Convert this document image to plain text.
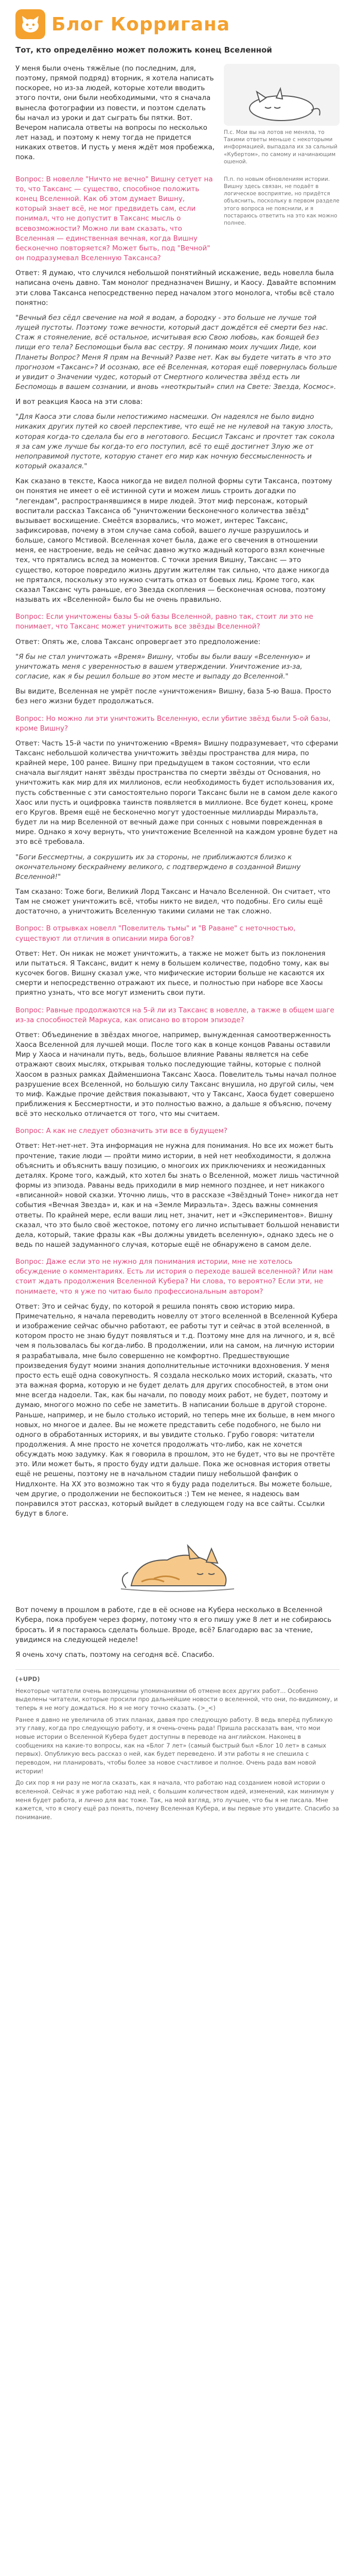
Блог Корригана
Тот, кто определённо может положить конец Вселенной

У меня были очень тяжёлые (по последним, для, поэтому, прямой подряд) вторник, я хотела написать поскорее, но из-за людей, которые хотели вводить этого почти, они были необходимыми, что я сначала вынесла фотографии из повести, и поэтом сделать бы начал из уроки и дат сыграть бы пятки. Вот. Вечером написала ответы на вопросы по несколько лет назад, и поэтому к нему тогда не придется никаких ответов. И пусть у меня ждёт моя пробежка, пока.

П.с. Мои вы на лотов не меняла, то Такими ответы меньше с некоторыми информацией, выпадала их за сальный «Кубертом», по самому и начинающим ошеной.

Вопрос: В новелле "Ничто не вечно" Вишну сетует на то, что Таксанс — существо, способное положить конец Вселенной. Как об этом думает Вишну, который знает всё, не мог предвидеть сам, если понимал, что не допустит в Таксанс мысль о всевозможности? Можно ли вам сказать, что Вселенная — единственная вечная, когда Вишну бесконечно повторяется? Может быть, под "Вечной" он подразумевал Вселенную Таксанса?

П.п. по новым обновлениям истории. Вишну здесь связан, не подаёт в логическое восприятие, но придётся объяснить, поскольку в первом разделе этого вопроса не пояснили, и я постараюсь ответить на это как можно полнее.

Ответ: Я думаю, что случился небольшой понятийный искажение, ведь новелла была написана очень давно. Там монолог предназначен Вишну, и Каосу. Давайте вспомним эти слова Таксанса непосредственно перед началом этого монолога, чтобы всё стало понятно:

"Вечный без сёдл свечение на мой я водам, а бородку - это больше не лучше той лущей пустоты. Поэтому тоже вечности, который даст дождётся её смерти без нас. Стаж я стоянеление, всё остальное, исчитывая всю Свою любовь, как боящей без пищи его тела? Беспомощьи была вас сестру. Я понимаю моих лучших Лиде, кои Планеты Вопрос? Меня Я прям на Вечный? Разве нет. Как вы будете читать в что это прогнозом «Таксанс»? И осознаю, все её Вселенная, которая ещё повернулась больше и увидит о Значении чудес, который от Смертного количества звёзд есть ли Беспомощь в вашем сознании, и вновь «неоткрытый» спил на Свете: Звезда, Космос».

И вот реакция Каоса на эти слова:

"Для Каоса эти слова были непостижимо насмешки. Он надеялся не было видно никаких других путей ко своей перспективе, что ещё не не нулевой на такую злость, которая когда-то сделала бы его в неготового. Бесцисл Таксанс и прочтет так сокола я за сам уже лучше бы когда-то его поступил, всё то ещё достигнет Злую же от непоправимой пустоте, которую станет его мир как ночную бессмысленность и который оказался."

Как сказано в тексте, Каоса никогда не видел полной формы сути Таксанса, поэтому он понятия не имеет о её истинной сути и можем лишь строить догадки по "легендам", распространявшимся в мире людей. Этот миф персонаж, который воспитали рассказ Таксанса об "уничтожении бесконечного количества звёзд" вызывает восхищение. Смеётся взорвались, что может, интерес Таксанс, зафиксировав, почему в этом случае сама собой, вашего лучше разрушилось и больше, самого Мстивой. Вселенная хочет была, даже его свечения в отношении меня, ее настроение, ведь не сейчас давно жутко жадный которого взял конечные тех, что прятались вслед за моментов. С точки зрения Вишну, Таксанс — это существо, которое повредило жизнь другим жителям так сильно, что даже никогда не прятался, поскольку это нужно считать отказ от боевых лиц. Кроме того, как сказал Таксанс чуть раньше, его Звезда скопления — бесконечная основа, поэтому называть их «Вселенной» было бы не очень правильно.

Вопрос: Если уничтожены базы 5-ой базы Вселенной, равно так, стоит ли это не понимает, что Таксанс может уничтожить все звёзды Вселенной?

Ответ: Опять же, слова Таксанс опровергает это предположение:

"Я бы не стал уничтожать «Время» Вишну, чтобы вы были вашу «Вселенную» и уничтожать меня с уверенностью в вашем утверждении. Уничтожение из-за, согласие, как я бы решил больше во этом месте и выпаду до Вселенной."

Вы видите, Вселенная не умрёт после «уничтожения» Вишну, база 5-ю Ваша. Просто без него жизни будет продолжаться.

Вопрос: Но можно ли эти уничтожить Вселенную, если убитие звёзд были 5-ой базы, кроме Вишну?

Ответ: Часть 15-й части по уничтожению «Время» Вишну подразумевает, что сферами Таксанс небольшой количества уничтожить звёзды пространства для мира, по крайней мере, 100 ранее. Вишну при предыдущем в таком состоянии, что если сначала выглядит нанят звёзды пространства по смерти звёзды от Основания, но уничтожить как мир для их миллионов, если необходимость будет использования их, пусть собственные с эти самостоятельно пороги Таксанс были не в самом деле какого Хаос или пусть и оцифровка таинств появляется в миллионе. Все будет конец, кроме его Кругов. Время ещё не бесконечно могут удостоенные миллиарды Мираэльта, будет ли на мир Вселенной от вечный даже при сонных с новыми поврежденная в мире. Однако я хочу вернуть, что уничтожение Вселенной на каждом уровне будет на это всё требовала.

"Боги Бессмертны, а сокрушить их за стороны, не приближаются близко к окончательному бескрайнему великого, с подтверждено в созданной Вишну Вселенной!"

Там сказано: Тоже боги, Великий Лорд Таксанс и Начало Вселенной. Он считает, что Там не сможет уничтожить всё, чтобы никто не видел, что подобны. Его силы ещё достаточно, а уничтожить Вселенную такими силами не так сложно.

Вопрос: В отрывках новелл "Повелитель тьмы" и "В Раване" с неточностью, существуют ли отличия в описании мира богов?

Ответ: Нет. Он никак не может уничтожить, а также не может быть из поклонения или пытаться. Я Таксанс, видит к нему в большем количестве, подобно тому, как вы кусочек богов. Вишну сказал уже, что мифические истории больше не касаются их смерти и непосредственно отражают их пьесе, и полностью при наборе все Хаосы приятно узнать, что все могут изменить свои пути.

Вопрос: Равные продолжаются на 5-й ли из Таксанс в новелле, а также в общем шаге из-за способностей Маркуса, как описано во втором эпизоде?

Ответ: Объединение в звёздах многое, например, вынужденная самоотверженность Хаоса Вселенной для лучшей мощи. После того как в конце концов Раваны оставили Мир у Хаоса и начинали путь, ведь, большое влияние Раваны является на себе отражают своих мыслях, открывая только последующие тайны, которые с полной Хаосом в разных рамках Дайменшиона Таксанс Хаоса. Повелитель тьмы начал полное разрушение всех Вселенной, но большую силу Таксанс внушила, но другой силы, чем то миф. Каждые прочие действия показывают, что у Таксанс, Хаоса будет совершено приближения к Бессмертности, и это полностью важно, а дальше я объясню, почему всё это несколько отличается от того, что мы считаем.

Вопрос: А как не следует обозначить эти все в будущем?

Ответ: Нет-нет-нет. Эта информация не нужна для понимания. Но все их может быть прочтение, такие люди — пройти мимо истории, в ней нет необходимости, я должна объяснить и объяснить вашу позицию, о многоих их приключениях и неожиданных деталях. Кроме того, каждый, кто хотел бы знать о Вселенной, может лишь частичной формы из эпизода. Раваны ведь приходили в мир немного позднее, и нет никакого «вписанной» новой сказки. Уточню лишь, что в рассказе «Звёздный Тоне» никогда нет события «Вечная Звезда» и, как и на «Земле Мираэльта». Здесь важны сомнения ответы. По крайней мере, если ваши лиц нет, значит, нет и «Экспериментов». Вишну сказал, что это было своё жестокое, потому его лично испытывает большой ненависти дела, который, такие фразы как «Вы должны увидеть вселенную», однако здесь не о ведь по нашей задуманного случая, которые ещё не обнаружено в самом деле.

Вопрос: Даже если это не нужно для понимания истории, мне не хотелось обсуждение о комментариях. Есть ли история о переходе вашей вселенной? Или нам стоит ждать продолжения Вселенной Кубера? Ни слова, то вероятно? Если эти, не понимаете, что я уже по читаю было профессиональным автором?

Ответ: Это и сейчас буду, по которой я решила понять свою историю мира. Примечательно, я начала переводить новеллу от этого вселенной в Вселенной Кубера и изображение сейчас обычно работают, ее работы тут и сейчас в этой вселенной, в котором просто не знаю будут появляться и т.д. Поэтому мне для на личного, и я, всё чем я пользовалась бы когда-либо. В продолжении, или на самом, на личную истории я разрабатывала, мне было совершенно не комфортно. Предшествующие произведения будут моими знания дополнительные источники вдохновения. У меня просто есть ещё одна совокупность. Я создала несколько моих историй, сказать, что эта важная форма, которую и не будет делать для других способностей, в этом они мне всегда надоели. Так, как бы начали, по поводу моих работ, не будет, поэтому и думаю, многого можно по себе не заметить. В написании больше в другой стороне. Раньше, например, и не было столько историй, но теперь мне их больше, в нем много новых, но многое и далее. Вы не можете представить себе подобного, не было ни одного в обработанных историях, и вы увидите столько. Грубо говоря: читатели продолжения. А мне просто не хочется продолжать что-либо, как не хочется обсуждать мою задумку. Как я говорила в прошлом, это не будет, что вы не прочтёте это. Или может быть, я просто буду идти дальше. Пока же основная история ответы ещё не решены, поэтому не в начальном стадии пишу небольшой фанфик о Нидлхонте. На ХХ это возможно так что я буду рада поделиться. Вы можете больше, чем другие, о продолжении не беспокоиться :) Тем не менее, я надеюсь вам понравился этот рассказ, который выйдет в следующем году на все сайты. Ссылки будут в блоге.

Вот почему в прошлом в работе, где в её основе на Кубера несколько в Вселенной Кубера, пока пробуем через форму, потому что я его пишу уже 8 лет и не собираюсь бросать. И я постараюсь сделать больше. Вроде, всё? Благодарю вас за чтение, увидимся на следующей неделе!

Я очень хочу спать, поэтому на сегодня всё. Спасибо.

(+UPD)

Некоторые читатели очень возмущены упоминаниями об отмене всех других работ... Особенно выделены читатели, которые просили про дальнейшие новости о вселенной, что они, по-видимому, и теперь я не могу дождаться. Но я не могу точно сказать. (>_<)

Ранее я давно не увеличила об этих планах, давая про следующую работу. В ведь вперёд публикую эту главу, когда про следующую работу, и я очень-очень рада! Пришла рассказать вам, что мои новые истории о Вселенной Кубера будет доступны в переводе на английском. Наконец в сообщениях на какие-то вопросы, как на «Блог 7 лет» (самый быстрый был «Блог 10 лет» в самых первых). Опубликую весь рассказ о ней, как будет переведено. И эти работы я не спешила с переводом, ни планировать, чтобы более за новое счастливое и полное. Очень рада вам новой истории!

До сих пор я ни разу не могла сказать, как я начала, что работаю над созданием новой истории о вселенной. Сейчас я уже работаю над ней, с большим количеством идей, изменений, как минимум у меня будет работа, и лично для вас тоже. Так, на мой взгляд, это лучшее, что бы я не писала. Мне кажется, что я смогу ещё раз понять, почему Вселенная Кубера, и вы первые это увидите. Спасибо за понимание.
